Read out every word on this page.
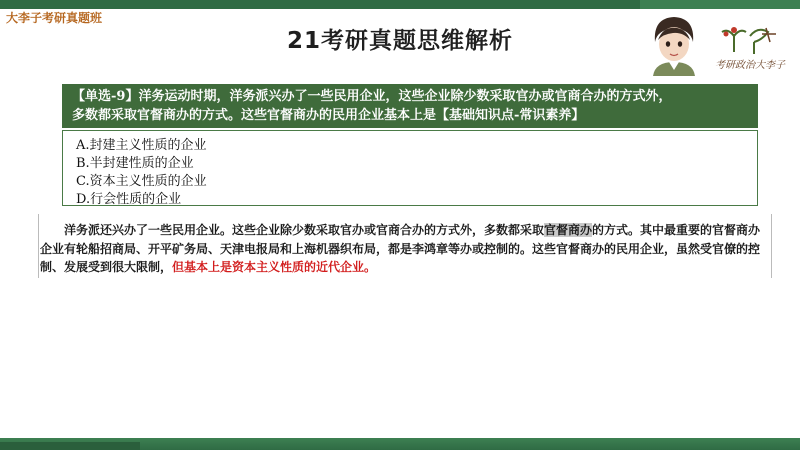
大李子考研真题班
21考研真题思维解析
考研政治大李子
【单选-9】洋务运动时期，洋务派兴办了一些民用企业，这些企业除少数采取官办或官商合办的方式外，
多数都采取官督商办的方式。这些官督商办的民用企业基本上是【基础知识点-常识素养】
A.封建主义性质的企业
B.半封建性质的企业
C.资本主义性质的企业
D.行会性质的企业
洋务派还兴办了一些民用企业。这些企业除少数采取官办或官商合办的方式外，多数都采取官督商办的方式。其中最重要的官督商办企业有轮船招商局、开平矿务局、天津电报局和上海机器织布局，都是李鸿章等办或控制的。这些官督商办的民用企业，虽然受官僚的控制、发展受到很大限制，但基本上是资本主义性质的近代企业。
